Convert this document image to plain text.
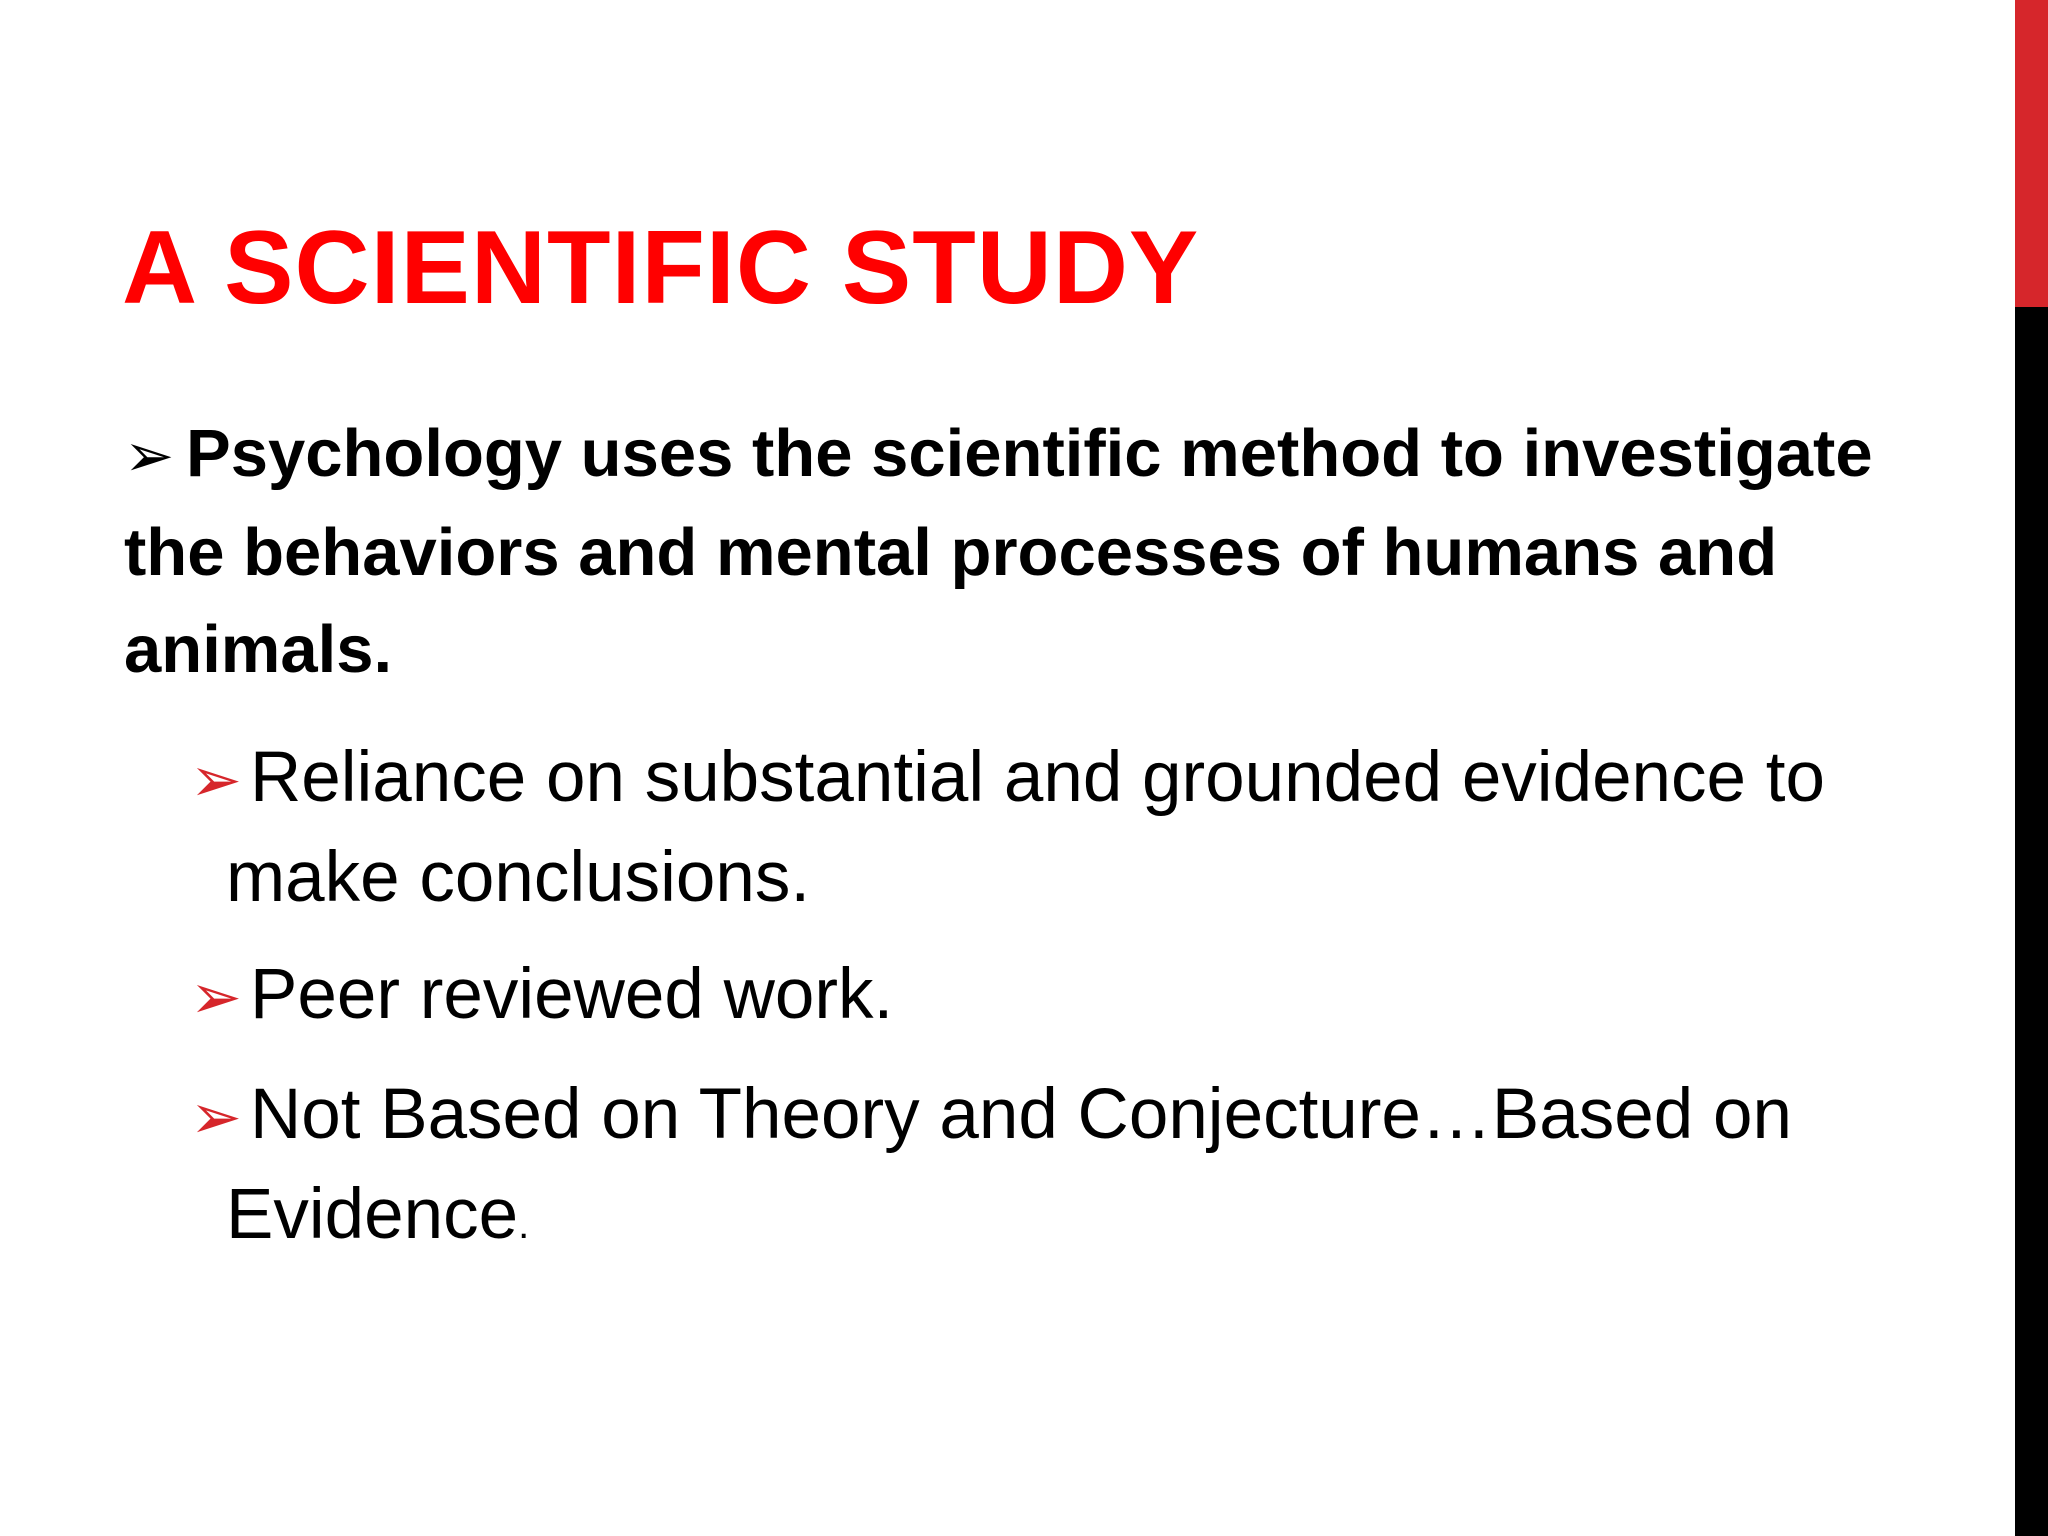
A SCIENTIFIC STUDY
➢ Psychology uses the scientific method to investigate the behaviors and mental processes of humans and animals.
➢ Reliance on substantial and grounded evidence to make conclusions.
➢ Peer reviewed work.
➢ Not Based on Theory and Conjecture…Based on Evidence.
